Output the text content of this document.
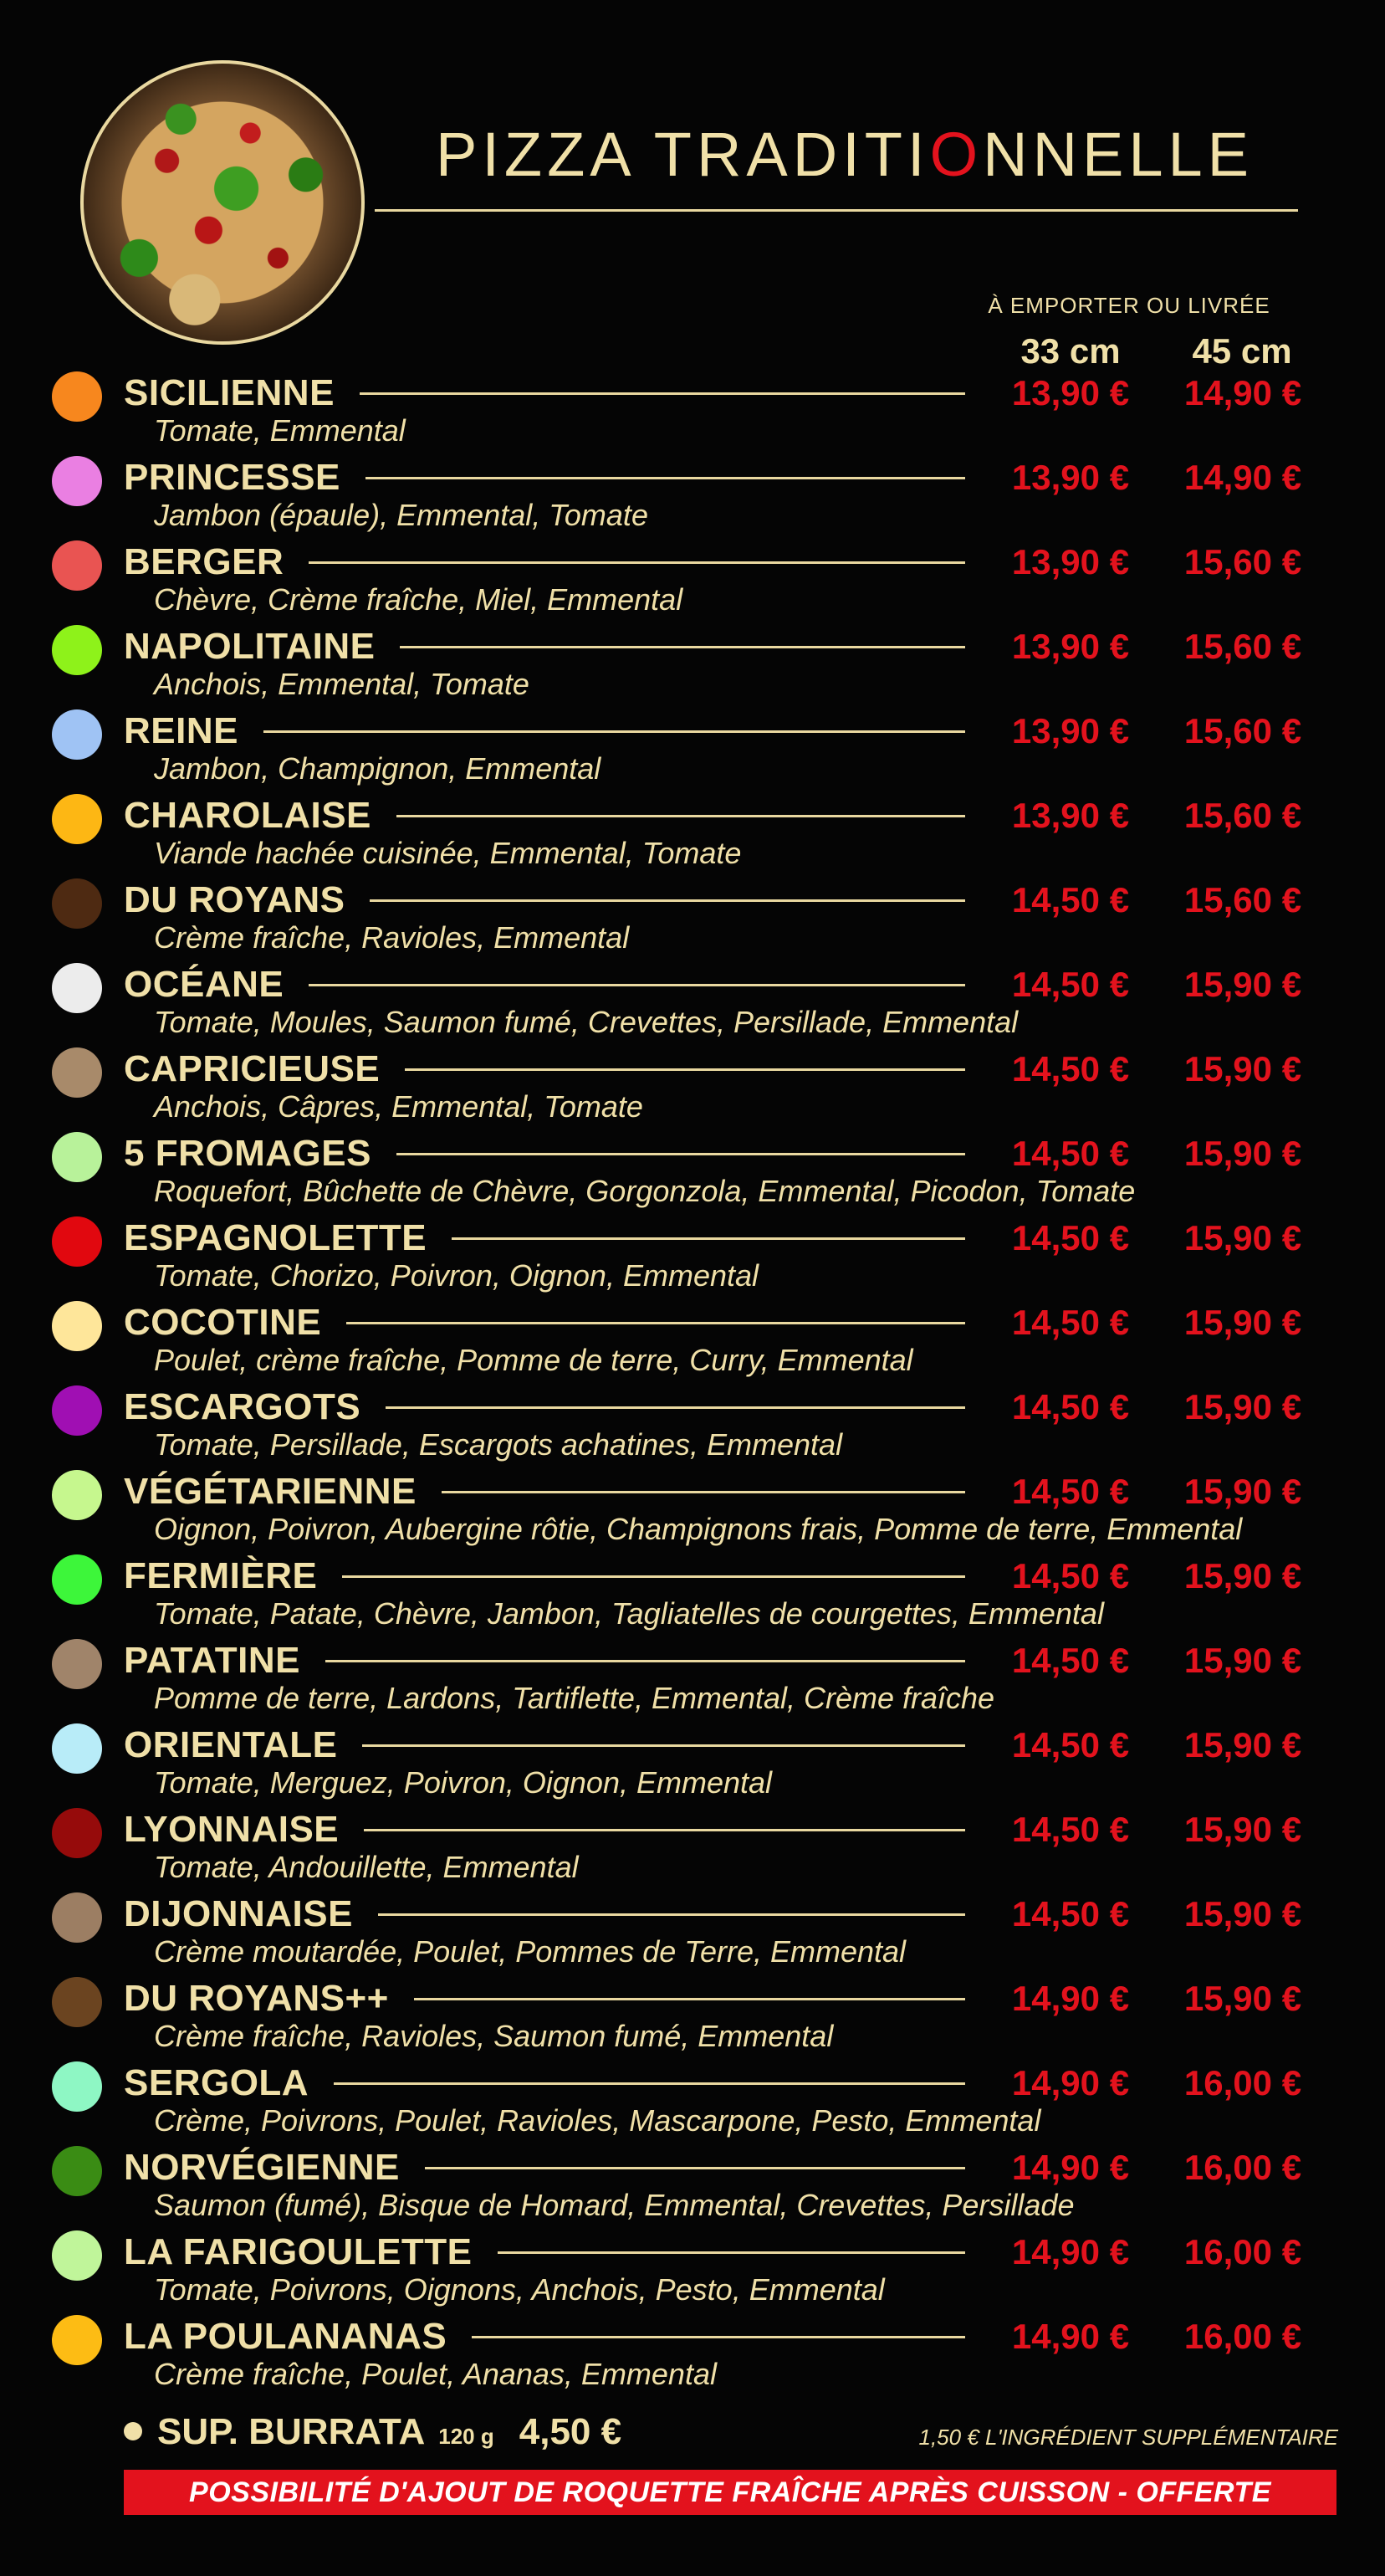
PIZZA TRADITIONNELLE
À EMPORTER OU LIVRÉE
33 cm	45 cm
SICILIENNE	13,90 €	14,90 €
Tomate, Emmental
PRINCESSE	13,90 €	14,90 €
Jambon (épaule), Emmental, Tomate
BERGER	13,90 €	15,60 €
Chèvre, Crème fraîche, Miel, Emmental
NAPOLITAINE	13,90 €	15,60 €
Anchois, Emmental, Tomate
REINE	13,90 €	15,60 €
Jambon, Champignon, Emmental
CHAROLAISE	13,90 €	15,60 €
Viande hachée cuisinée, Emmental, Tomate
DU ROYANS	14,50 €	15,60 €
Crème fraîche, Ravioles, Emmental
OCÉANE	14,50 €	15,90 €
Tomate, Moules, Saumon fumé, Crevettes, Persillade, Emmental
CAPRICIEUSE	14,50 €	15,90 €
Anchois, Câpres, Emmental, Tomate
5 FROMAGES	14,50 €	15,90 €
Roquefort, Bûchette de Chèvre, Gorgonzola, Emmental, Picodon, Tomate
ESPAGNOLETTE	14,50 €	15,90 €
Tomate, Chorizo, Poivron, Oignon, Emmental
COCOTINE	14,50 €	15,90 €
Poulet, crème fraîche, Pomme de terre, Curry, Emmental
ESCARGOTS	14,50 €	15,90 €
Tomate, Persillade, Escargots achatines, Emmental
VÉGÉTARIENNE	14,50 €	15,90 €
Oignon, Poivron, Aubergine rôtie, Champignons frais, Pomme de terre, Emmental
FERMIÈRE	14,50 €	15,90 €
Tomate, Patate, Chèvre, Jambon, Tagliatelles de courgettes, Emmental
PATATINE	14,50 €	15,90 €
Pomme de terre, Lardons, Tartiflette, Emmental, Crème fraîche
ORIENTALE	14,50 €	15,90 €
Tomate, Merguez, Poivron, Oignon, Emmental
LYONNAISE	14,50 €	15,90 €
Tomate, Andouillette, Emmental
DIJONNAISE	14,50 €	15,90 €
Crème moutardée, Poulet, Pommes de Terre, Emmental
DU ROYANS++	14,90 €	15,90 €
Crème fraîche, Ravioles, Saumon fumé, Emmental
SERGOLA	14,90 €	16,00 €
Crème, Poivrons, Poulet, Ravioles, Mascarpone, Pesto, Emmental
NORVÉGIENNE	14,90 €	16,00 €
Saumon (fumé), Bisque de Homard, Emmental, Crevettes, Persillade
LA FARIGOULETTE	14,90 €	16,00 €
Tomate, Poivrons, Oignons, Anchois, Pesto, Emmental
LA POULANANAS	14,90 €	16,00 €
Crème fraîche, Poulet, Ananas, Emmental
SUP. BURRATA 120 g 4,50 €	1,50 € L'INGRÉDIENT SUPPLÉMENTAIRE
POSSIBILITÉ D'AJOUT DE ROQUETTE FRAÎCHE APRÈS CUISSON - OFFERTE
